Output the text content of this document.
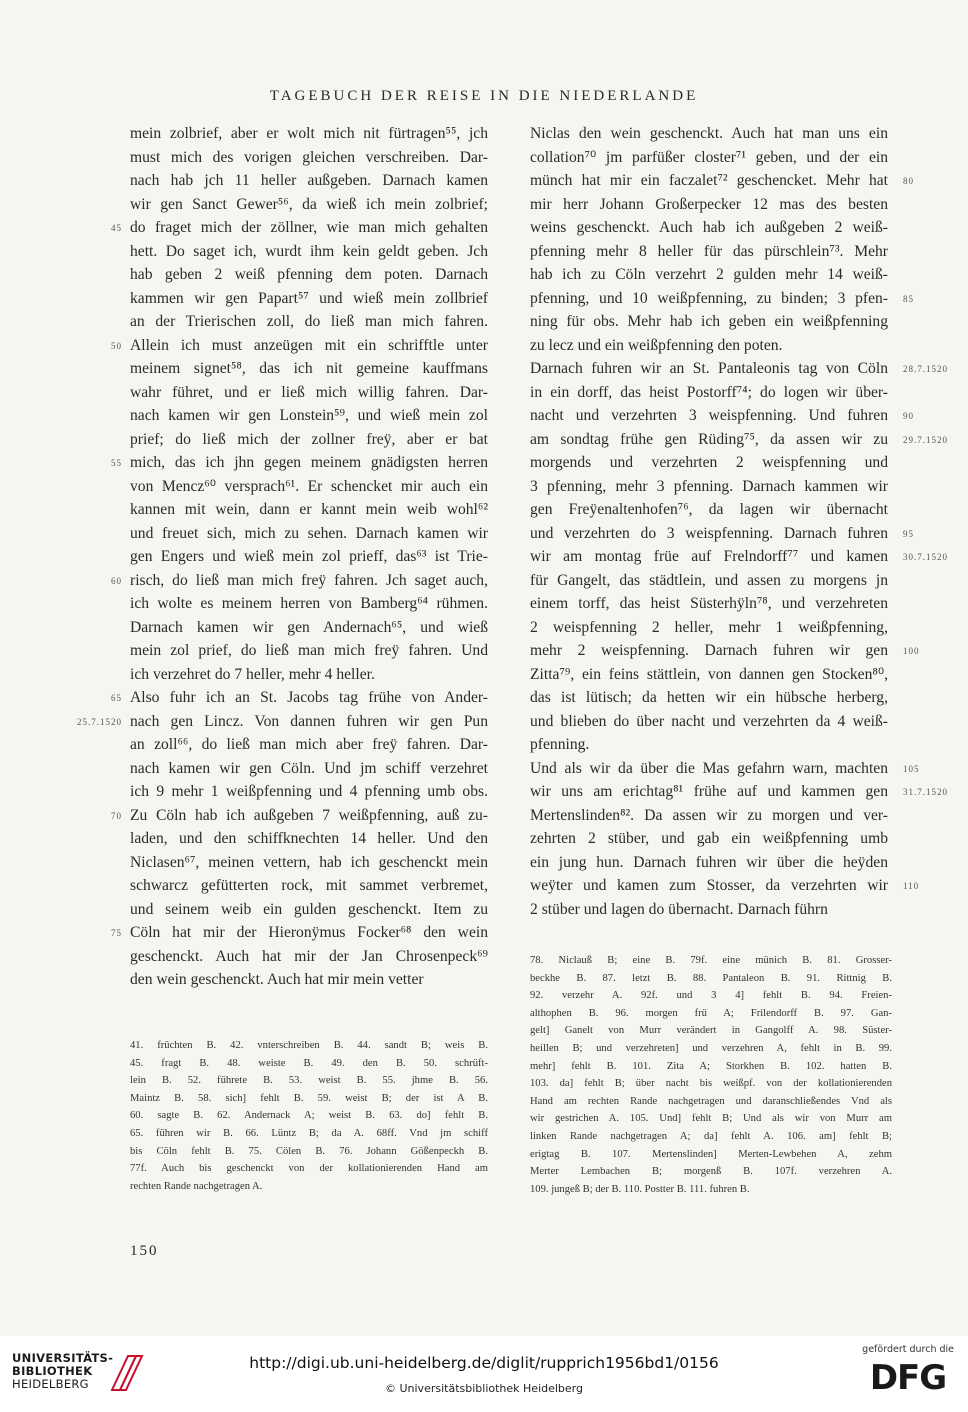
TAGEBUCH DER REISE IN DIE NIEDERLANDE
mein zolbrief, aber er wolt mich nit fürtragen⁵⁵, jch
must mich des vorigen gleichen verschreiben. Dar-
nach hab jch 11 heller außgeben. Darnach kamen
wir gen Sanct Gewer⁵⁶, da wieß ich mein zolbrief;
do fraget mich der zöllner, wie man mich gehalten
hett. Do saget ich, wurdt ihm kein geldt geben. Jch
hab geben 2 weiß pfenning dem poten. Darnach
kammen wir gen Papart⁵⁷ und wieß mein zollbrief
an der Trierischen zoll, do ließ man mich fahren.
Allein ich must anzeügen mit ein schrifftle unter
meinem signet⁵⁸, das ich nit gemeine kauffmans
wahr führet, und er ließ mich willig fahren. Dar-
nach kamen wir gen Lonstein⁵⁹, und wieß mein zol
prief; do ließ mich der zollner freÿ, aber er bat
mich, das ich jhn gegen meinem gnädigsten herren
von Mencz⁶⁰ versprach⁶¹. Er schencket mir auch ein
kannen mit wein, dann er kannt mein weib wohl⁶²
und freuet sich, mich zu sehen. Darnach kamen wir
gen Engers und wieß mein zol prieff, das⁶³ ist Trie-
risch, do ließ man mich freÿ fahren. Jch saget auch,
ich wolte es meinem herren von Bamberg⁶⁴ rühmen.
Darnach kamen wir gen Andernach⁶⁵, und wieß
mein zol prief, do ließ man mich freÿ fahren. Und
ich verzehret do 7 heller, mehr 4 heller.
Also fuhr ich an St. Jacobs tag frühe von Ander-
nach gen Lincz. Von dannen fuhren wir gen Pun
an zoll⁶⁶, do ließ man mich aber freÿ fahren. Dar-
nach kamen wir gen Cöln. Und jm schiff verzehret
ich 9 mehr 1 weißpfenning und 4 pfenning umb obs.
Zu Cöln hab ich außgeben 7 weißpfenning, auß zu-
laden, und den schiffknechten 14 heller. Und den
Niclasen⁶⁷, meinen vettern, hab ich geschenckt mein
schwarcz gefütterten rock, mit sammet verbremet,
und seinem weib ein gulden geschenckt. Item zu
Cöln hat mir der Hieronÿmus Focker⁶⁸ den wein
geschenckt. Auch hat mir der Jan Chrosenpeck⁶⁹
den wein geschenckt. Auch hat mir mein vetter
Niclas den wein geschenckt. Auch hat man uns ein
collation⁷⁰ jm parfüßer closter⁷¹ geben, und der ein
münch hat mir ein faczalet⁷² geschencket. Mehr hat
mir herr Johann Großerpecker 12 mas des besten
weins geschenckt. Auch hab ich außgeben 2 weiß-
pfenning mehr 8 heller für das pürschlein⁷³. Mehr
hab ich zu Cöln verzehrt 2 gulden mehr 14 weiß-
pfenning, und 10 weißpfenning, zu binden; 3 pfen-
ning für obs. Mehr hab ich geben ein weißpfenning
zu lecz und ein weißpfenning den poten.
Darnach fuhren wir an St. Pantaleonis tag von Cöln
in ein dorff, das heist Postorff⁷⁴; do logen wir über-
nacht und verzehrten 3 weispfenning. Und fuhren
am sondtag frühe gen Rüding⁷⁵, da assen wir zu
morgends und verzehrten 2 weispfenning und
3 pfenning, mehr 3 pfenning. Darnach kammen wir
gen Freÿenaltenhofen⁷⁶, da lagen wir übernacht
und verzehrten do 3 weispfenning. Darnach fuhren
wir am montag früe auf Frelndorff⁷⁷ und kamen
für Gangelt, das städtlein, und assen zu morgens jn
einem torff, das heist Süsterhÿln⁷⁸, und verzehreten
2 weispfenning 2 heller, mehr 1 weißpfenning,
mehr 2 weispfenning. Darnach fuhren wir gen
Zitta⁷⁹, ein feins stättlein, von dannen gen Stocken⁸⁰,
das ist lütisch; da hetten wir ein hübsche herberg,
und blieben do über nacht und verzehrten da 4 weiß-
pfenning.
Und als wir da über die Mas gefahrn warn, machten
wir uns am erichtag⁸¹ frühe auf und kammen gen
Mertenslinden⁸². Da assen wir zu morgen und ver-
zehrten 2 stüber, und gab ein weißpfenning umb
ein jung hun. Darnach fuhren wir über die heÿden
weÿter und kamen zum Stosser, da verzehrten wir
2 stüber und lagen do übernacht. Darnach führn
45
50
55
60
65
25.7.1520
70
75
80
85
28.7.1520
90
29.7.1520
95
30.7.1520
100
105
31.7.1520
110
41. früchten B. 42. vnterschreiben B. 44. sandt B; weis B.
45. fragt B. 48. weiste B. 49. den B. 50. schrüft-
lein B. 52. führete B. 53. weist B. 55. jhme B. 56.
Maintz B. 58. sich] fehlt B. 59. weist B; der ist A B.
60. sagte B. 62. Andernack A; weist B. 63. do] fehlt B.
65. führen wir B. 66. Lüntz B; da A. 68ff. Vnd jm schiff
bis Cöln fehlt B. 75. Cölen B. 76. Johann Gößenpeckh B.
77f. Auch bis geschenckt von der kollationierenden Hand am
rechten Rande nachgetragen A.
78. Niclauß B; eine B. 79f. eine münich B. 81. Grosser-
beckhe B. 87. letzt B. 88. Pantaleon B. 91. Rittnig B.
92. verzehr A. 92f. und 3 4] fehlt B. 94. Freien-
althophen B. 96. morgen frü A; Frilendorff B. 97. Gan-
gelt] Ganelt von Murr verändert in Gangolff A. 98. Süster-
heillen B; und verzehreten] und verzehren A, fehlt in B. 99.
mehr] fehlt B. 101. Zita A; Storkhen B. 102. hatten B.
103. da] fehlt B; über nacht bis weißpf. von der kollationierenden
Hand am rechten Rande nachgetragen und daranschließendes Vnd als
wir gestrichen A. 105. Und] fehlt B; Und als wir von Murr am
linken Rande nachgetragen A; da] fehlt A. 106. am] fehlt B;
erigtag B. 107. Mertenslinden] Merten-Lewbehen A, zehm
Merter Lembachen B; morgenß B. 107f. verzehren A.
109. jungeß B; der B. 110. Postter B. 111. fuhren B.
150
UNIVERSITÄTS-
BIBLIOTHEK
HEIDELBERG
http://digi.ub.uni-heidelberg.de/diglit/rupprich1956bd1/0156
© Universitätsbibliothek Heidelberg
gefördert durch die
DFG
